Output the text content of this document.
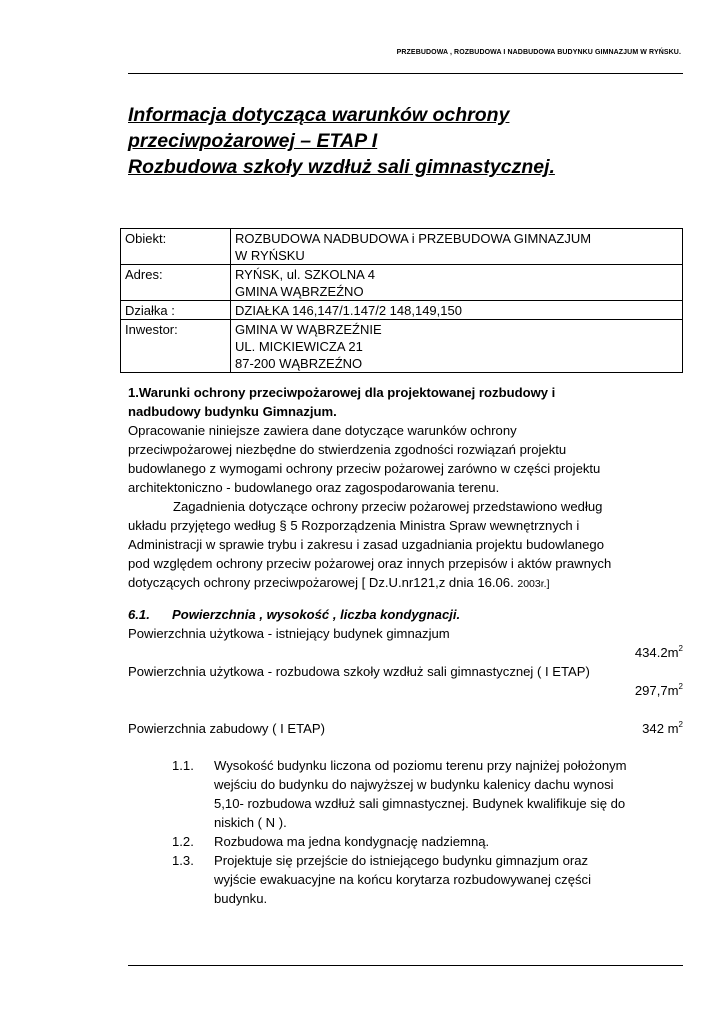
PRZEBUDOWA , ROZBUDOWA I NADBUDOWA BUDYNKU GIMNAZJUM W RYŃSKU.
Informacja dotycząca warunków ochrony
przeciwpożarowej – ETAP I
Rozbudowa szkoły wzdłuż sali gimnastycznej.
Obiekt:	ROZBUDOWA NADBUDOWA i PRZEBUDOWA GIMNAZJUM
W RYŃSKU

Adres:	RYŃSK, ul. SZKOLNA 4
GMINA WĄBRZEŹNO

Działka :	DZIAŁKA 146,147/1.147/2 148,149,150

Inwestor:	GMINA W WĄBRZEŹNIE
UL. MICKIEWICZA 21
87-200 WĄBRZEŹNO
1.Warunki ochrony przeciwpożarowej dla projektowanej rozbudowy i
nadbudowy budynku Gimnazjum.
Opracowanie niniejsze zawiera dane dotyczące warunków ochrony
przeciwpożarowej niezbędne do stwierdzenia zgodności rozwiązań projektu
budowlanego z wymogami ochrony przeciw pożarowej zarówno w części projektu
architektoniczno - budowlanego oraz zagospodarowania terenu.
Zagadnienia dotyczące ochrony przeciw pożarowej przedstawiono według
układu przyjętego według § 5 Rozporządzenia Ministra Spraw wewnętrznych i
Administracji w sprawie trybu i zakresu i zasad uzgadniania projektu budowlanego
pod względem ochrony przeciw pożarowej oraz innych przepisów i aktów prawnych
dotyczących ochrony przeciwpożarowej [ Dz.U.nr121,z dnia 16.06. 2003r.]
6.1. Powierzchnia , wysokość , liczba kondygnacji.
Powierzchnia użytkowa - istniejący budynek gimnazjum
$434.2m^2$
Powierzchnia użytkowa - rozbudowa szkoły wzdłuż sali gimnastycznej ( I ETAP)
$297,7m^2$
Powierzchnia zabudowy ( I ETAP)	342 $m^2$
1.1.	Wysokość budynku liczona od poziomu terenu przy najniżej położonym
wejściu do budynku do najwyższej w budynku kalenicy dachu wynosi
5,10- rozbudowa wzdłuż sali gimnastycznej. Budynek kwalifikuje się do
niskich ( N ).
1.2.	Rozbudowa ma jedna kondygnację nadziemną.
1.3.	Projektuje się przejście do istniejącego budynku gimnazjum oraz
wyjście ewakuacyjne na końcu korytarza rozbudowywanej części
budynku.
